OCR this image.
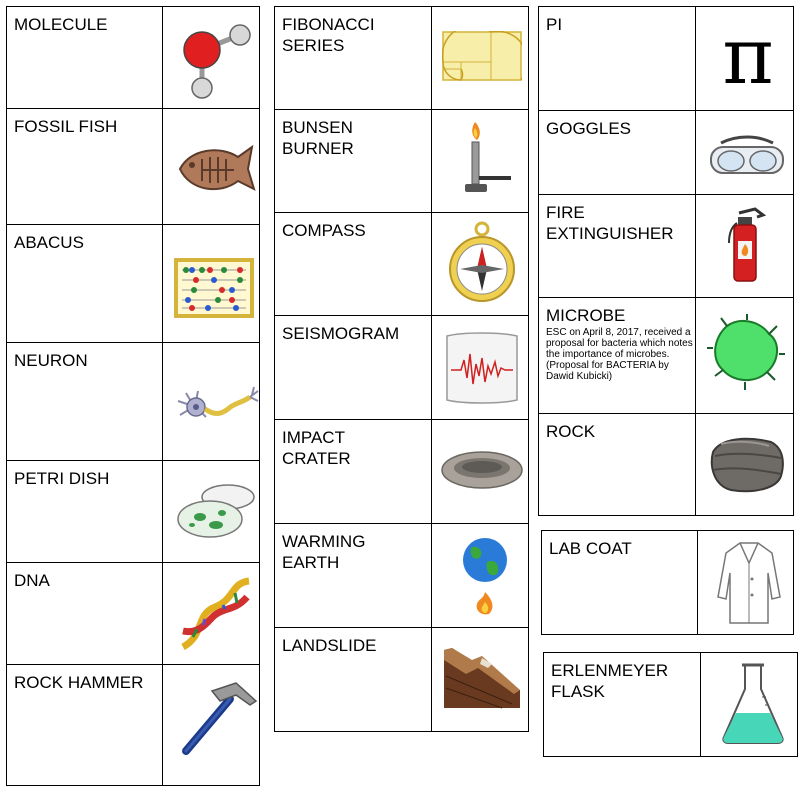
MOLECULE
FOSSIL FISH
ABACUS
NEURON
PETRI DISH
DNA
ROCK HAMMER
FIBONACCI
SERIES
BUNSEN
BURNER
COMPASS
SEISMOGRAM
IMPACT
CRATER
WARMING
EARTH
LANDSLIDE
PI π
GOGGLES
FIRE
EXTINGUISHER
MICROBE
ESC on April 8, 2017, received a proposal for bacteria which notes the importance of microbes. (Proposal for BACTERIA by Dawid Kubicki)
ROCK
LAB COAT
ERLENMEYER
FLASK
